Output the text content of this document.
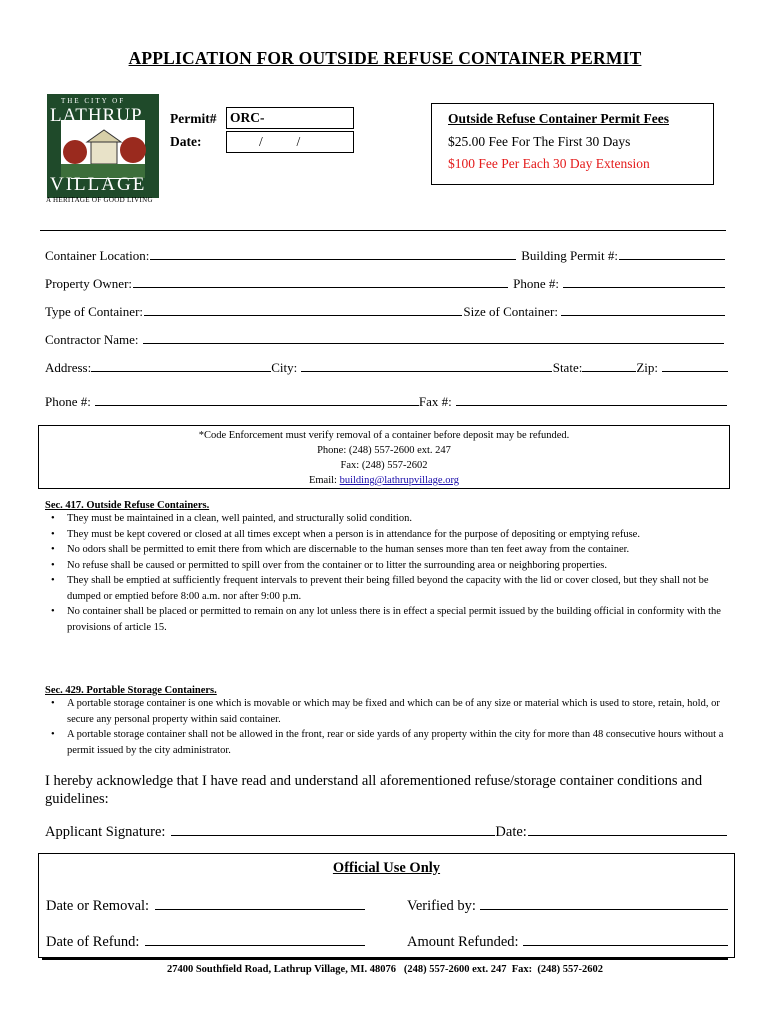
APPLICATION FOR OUTSIDE REFUSE CONTAINER PERMIT
THE CITY OF
LATHRUP
VILLAGE
A HERITAGE OF GOOD LIVING
Permit# ORC-
Date:	/          /
Outside Refuse Container Permit Fees
$25.00 Fee For The First 30 Days
$100 Fee Per Each 30 Day Extension
Container Location:	Building Permit #:
Property Owner:	Phone #:
Type of Container:	Size of Container:
Contractor Name:
Address:	City:	State:	Zip:
Phone #:	Fax #:
*Code Enforcement must verify removal of a container before deposit may be refunded.
Phone: (248) 557-2600 ext. 247
Fax: (248) 557-2602
Email: building@lathrupvillage.org
Sec. 417. Outside Refuse Containers.
• They must be maintained in a clean, well painted, and structurally solid condition.
• They must be kept covered or closed at all times except when a person is in attendance for the purpose of depositing or emptying refuse.
• No odors shall be permitted to emit there from which are discernable to the human senses more than ten feet away from the container.
• No refuse shall be caused or permitted to spill over from the container or to litter the surrounding area or neighboring properties.
• They shall be emptied at sufficiently frequent intervals to prevent their being filled beyond the capacity with the lid or cover closed, but they shall not be dumped or emptied before 8:00 a.m. nor after 9:00 p.m.
• No container shall be placed or permitted to remain on any lot unless there is in effect a special permit issued by the building official in conformity with the provisions of article 15.
Sec. 429. Portable Storage Containers.
• A portable storage container is one which is movable or which may be fixed and which can be of any size or material which is used to store, retain, hold, or secure any personal property within said container.
• A portable storage container shall not be allowed in the front, rear or side yards of any property within the city for more than 48 consecutive hours without a permit issued by the city administrator.
I hereby acknowledge that I have read and understand all aforementioned refuse/storage container conditions and guidelines:
Applicant Signature:	Date:
Official Use Only
Date or Removal:	Verified by:
Date of Refund:	Amount Refunded:
27400 Southfield Road, Lathrup Village, MI. 48076   (248) 557-2600 ext. 247  Fax:  (248) 557-2602
